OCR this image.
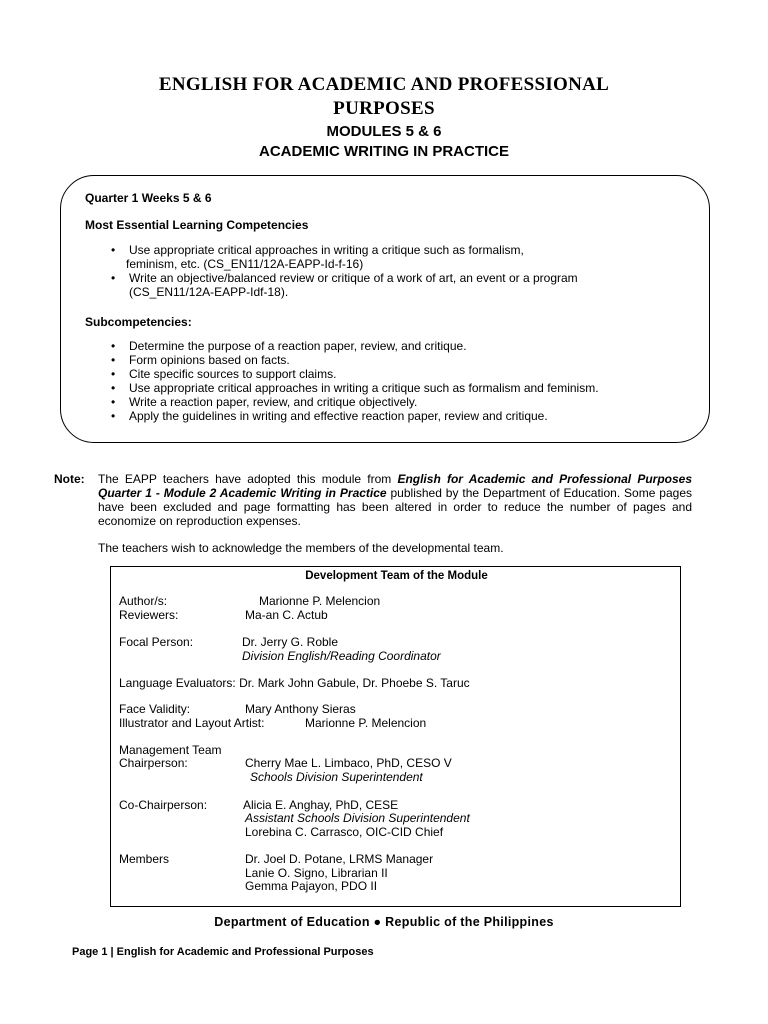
ENGLISH FOR ACADEMIC AND PROFESSIONAL
PURPOSES
MODULES 5 & 6
ACADEMIC WRITING IN PRACTICE
Quarter 1 Weeks 5 & 6
Most Essential Learning Competencies
• Use appropriate critical approaches in writing a critique such as formalism,
feminism, etc. (CS_EN11/12A-EAPP-Id-f-16)
• Write an objective/balanced review or critique of a work of art, an event or a program
(CS_EN11/12A-EAPP-Idf-18).
Subcompetencies:
• Determine the purpose of a reaction paper, review, and critique.
• Form opinions based on facts.
• Cite specific sources to support claims.
• Use appropriate critical approaches in writing a critique such as formalism and feminism.
• Write a reaction paper, review, and critique objectively.
• Apply the guidelines in writing and effective reaction paper, review and critique.
Note: The EAPP teachers have adopted this module from English for Academic and Professional Purposes Quarter 1 - Module 2 Academic Writing in Practice published by the Department of Education. Some pages have been excluded and page formatting has been altered in order to reduce the number of pages and economize on reproduction expenses.
The teachers wish to acknowledge the members of the developmental team.
Development Team of the Module
Author/s:	Marionne P. Melencion
Reviewers:	Ma-an C. Actub
Focal Person:	Dr. Jerry G. Roble
Division English/Reading Coordinator
Language Evaluators: Dr. Mark John Gabule, Dr. Phoebe S. Taruc
Face Validity:	Mary Anthony Sieras
Illustrator and Layout Artist:	Marionne P. Melencion
Management Team
Chairperson:	Cherry Mae L. Limbaco, PhD, CESO V
Schools Division Superintendent
Co-Chairperson:	Alicia E. Anghay, PhD, CESE
Assistant Schools Division Superintendent
Lorebina C. Carrasco, OIC-CID Chief
Members	Dr. Joel D. Potane, LRMS Manager
Lanie O. Signo, Librarian II
Gemma Pajayon, PDO II
Department of Education ● Republic of the Philippines
Page 1 | English for Academic and Professional Purposes
